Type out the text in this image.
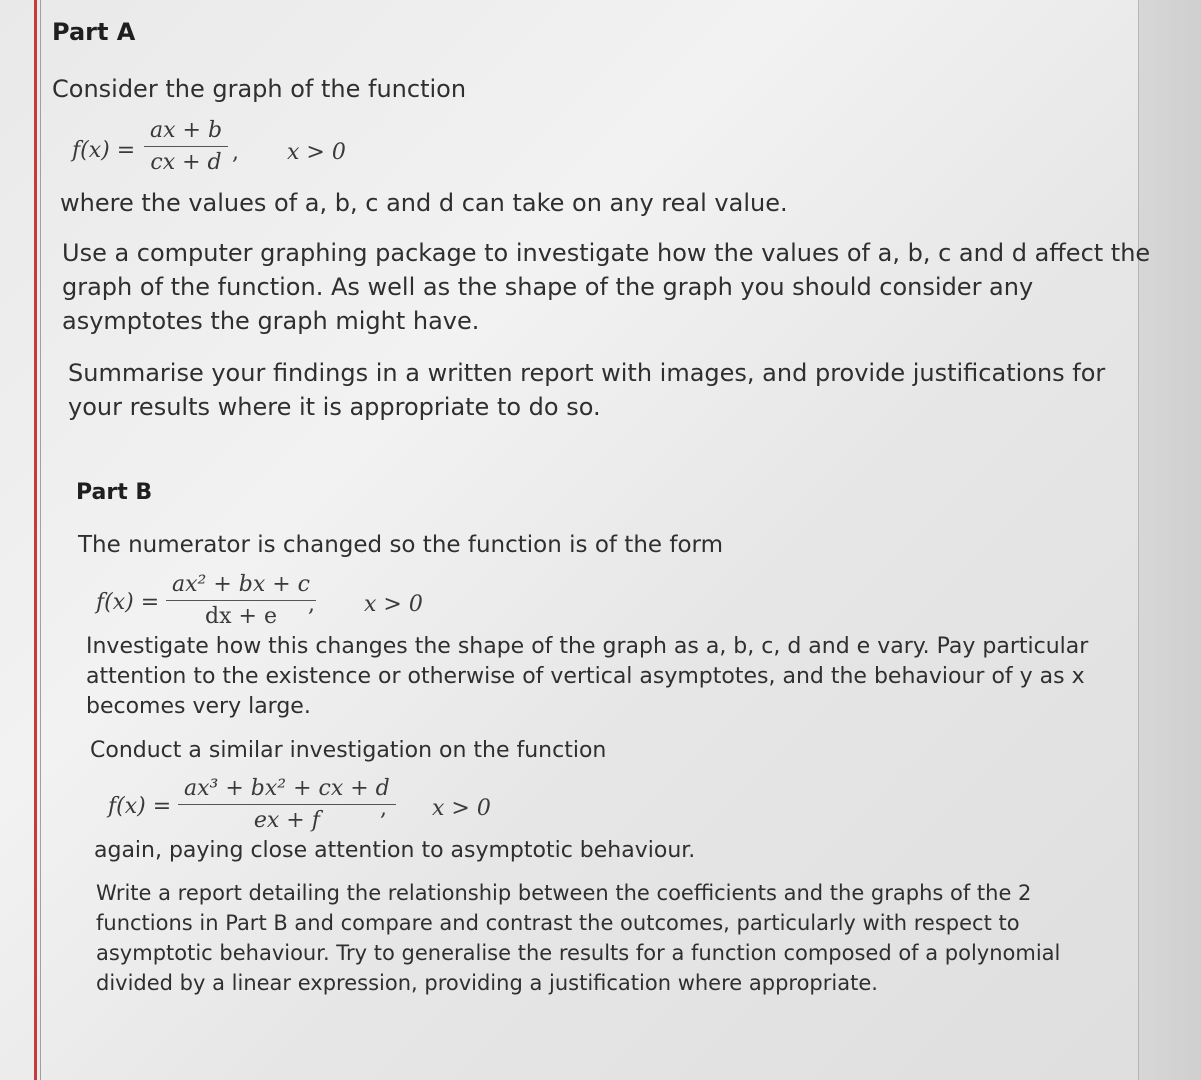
Part A
Consider the graph of the function
f(x) =
ax + b
cx + d , x > 0
where the values of a, b, c and d can take on any real value.
Use a computer graphing package to investigate how the values of a, b, c and d affect the graph of the function. As well as the shape of the graph you should consider any asymptotes the graph might have.
Summarise your findings in a written report with images, and provide justifications for your results where it is appropriate to do so.
Part B
The numerator is changed so the function is of the form
f(x) =
ax² + bx + c
dx + e	, x > 0
Investigate how this changes the shape of the graph as a, b, c, d and e vary. Pay particular attention to the existence or otherwise of vertical asymptotes, and the behaviour of y as x becomes very large.
Conduct a similar investigation on the function
f(x) =
ax³ + bx² + cx + d
ex + f	, x > 0
again, paying close attention to asymptotic behaviour.
Write a report detailing the relationship between the coefficients and the graphs of the 2 functions in Part B and compare and contrast the outcomes, particularly with respect to asymptotic behaviour. Try to generalise the results for a function composed of a polynomial divided by a linear expression, providing a justification where appropriate.
